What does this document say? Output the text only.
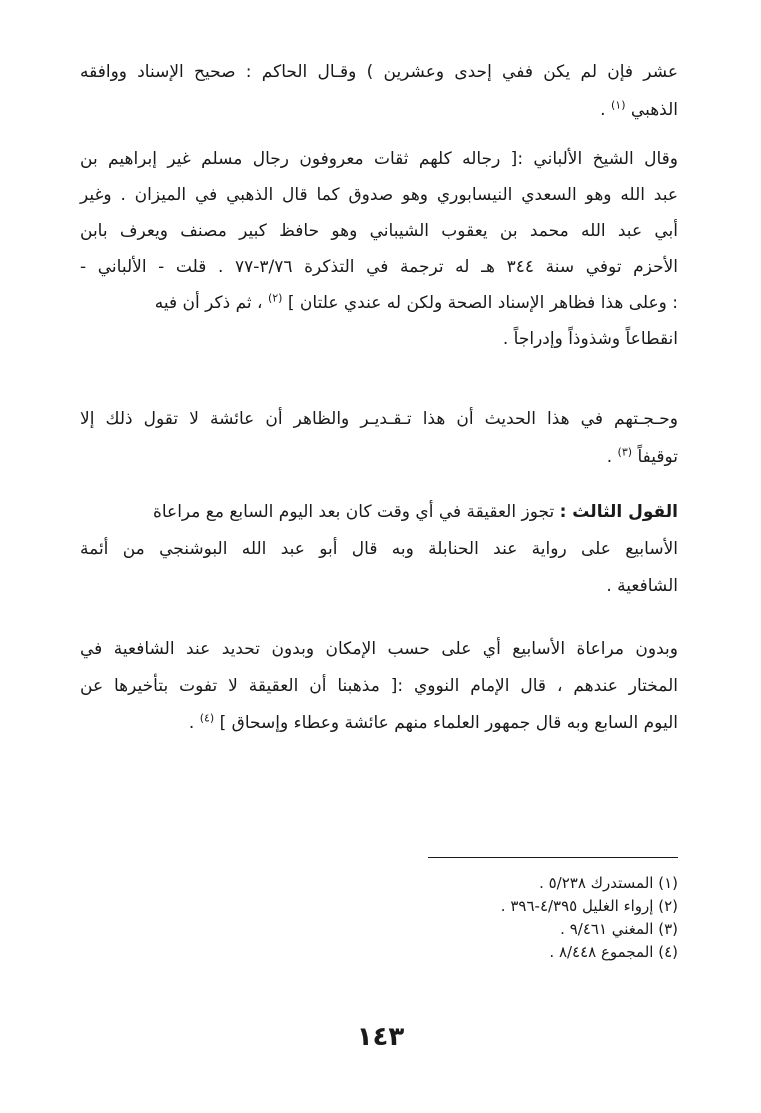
عشر فإن لم يكن ففي إحدى وعشرين ) وقـال الحاكم : صحيح الإسناد ووافقه
الذهبي $^{(١)}$ .
وقال الشيخ الألباني :[ رجاله كلهم ثقات معروفون رجال مسلم غير إبراهيم بن
عبد الله وهو السعدي النيسابوري وهو صدوق كما قال الذهبي في الميزان . وغير
أبي عبد الله محمد بن يعقوب الشيباني وهو حافظ كبير مصنف ويعرف بابن
الأحزم توفي سنة ٣٤٤ هـ له ترجمة في التذكرة ٣/٧٦-٧٧ . قلت - الألباني -
: وعلى هذا فظاهر الإسناد الصحة ولكن له عندي علتان ] $^{(٢)}$ ، ثم ذكر أن فيه
انقطاعاً وشذوذاً وإدراجاً .
وحـجـتهم في هذا الحديث أن هذا تـقـديـر والظاهر أن عائشة لا تقول ذلك إلا
توقيفاً $^{(٣)}$ .
القول الثالث : تجوز العقيقة في أي وقت كان بعد اليوم السابع مع مراعاة
الأسابيع على رواية عند الحنابلة وبه قال أبو عبد الله البوشنجي من أئمة
الشافعية .
وبدون مراعاة الأسابيع أي على حسب الإمكان وبدون تحديد عند الشافعية في
المختار عندهم ، قال الإمام النووي :[ مذهبنا أن العقيقة لا تفوت بتأخيرها عن
اليوم السابع وبه قال جمهور العلماء منهم عائشة وعطاء وإسحاق ] $^{(٤)}$ .
(١) المستدرك ٥/٢٣٨ .
(٢) إرواء الغليل ٤/٣٩٥-٣٩٦ .
(٣) المغني ٩/٤٦١ .
(٤) المجموع ٨/٤٤٨ .
١٤٣
